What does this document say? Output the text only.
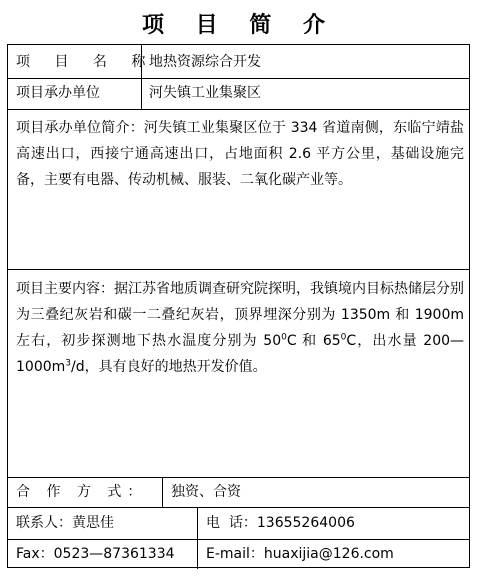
项 目 简 介
项 目 名 称
地热资源综合开发
项目承办单位	河失镇工业集聚区
项目承办单位简介：河失镇工业集聚区位于 334 省道南侧，东临宁靖盐高速出口，西接宁通高速出口，占地面积 2.6 平方公里，基础设施完备，主要有电器、传动机械、服装、二氧化碳产业等。
项目主要内容：据江苏省地质调查研究院探明，我镇境内目标热储层分别为三叠纪灰岩和碳一二叠纪灰岩，顶界埋深分别为 1350m 和 1900m 左右，初步探测地下热水温度分别为 $50^0C$ 和 $65^0C$，出水量 $200—1000m^3/d$，具有良好的地热开发价值。
合 作 方 式： 独资、合资
联系人：黄思佳	电  话：13655264006
Fax：0523—87361334 E-mail：huaxijia@126.com
